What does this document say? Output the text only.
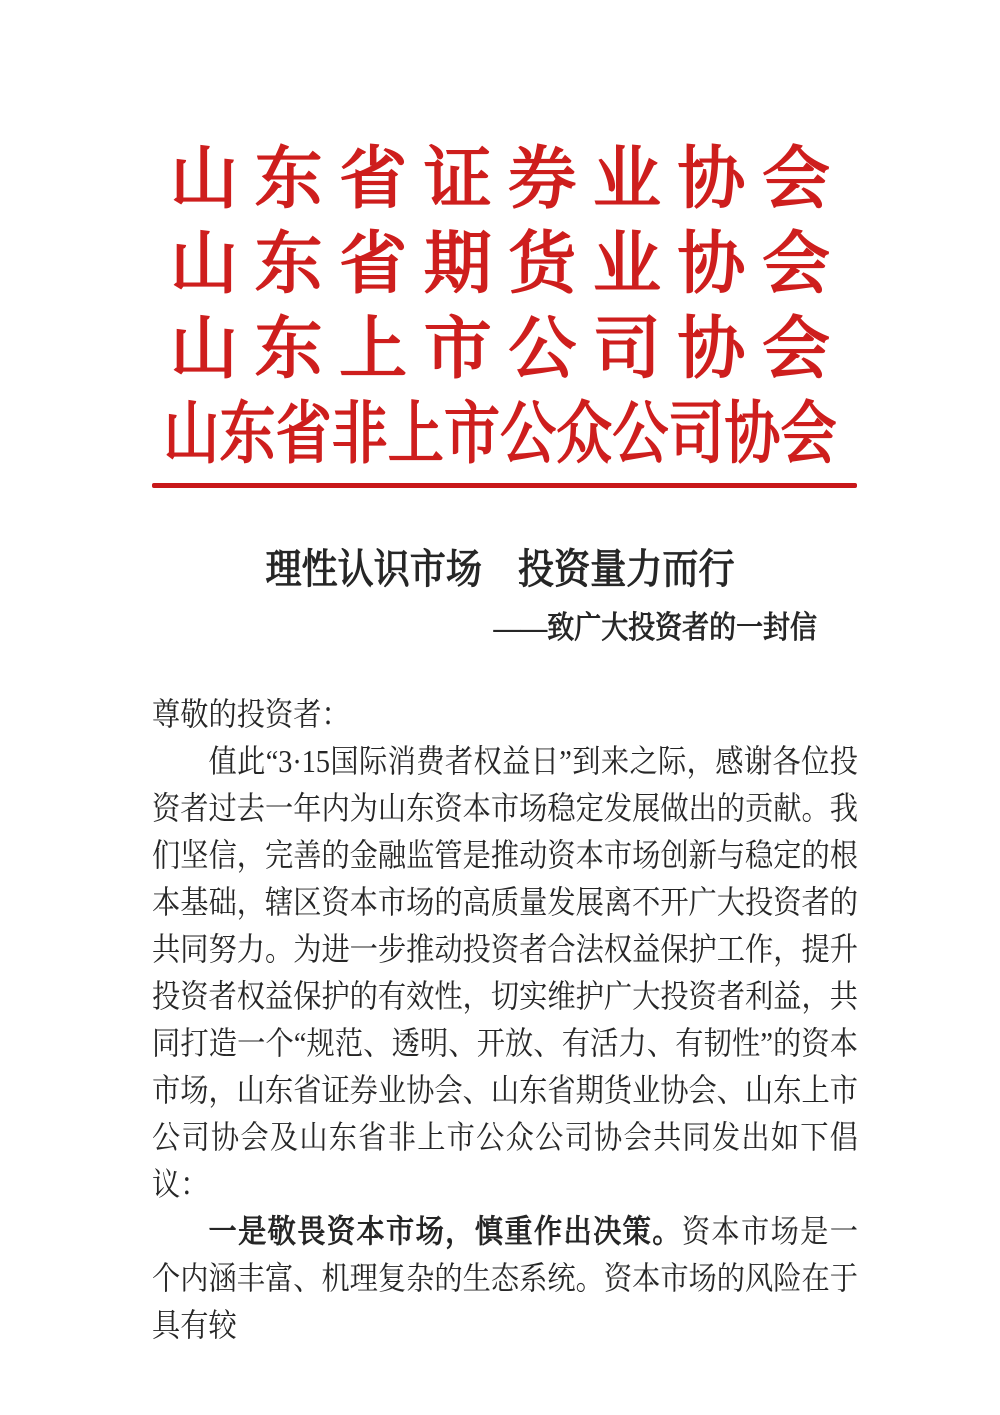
山 东 省 证 券 业 协 会
山 东 省 期 货 业 协 会
山 东 上 市 公 司 协 会
山东省非上市公众公司协会
理性认识市场　投资量力而行
——致广大投资者的一封信

尊敬的投资者：

值此“3·15国际消费者权益日”到来之际，感谢各位投资者过去一年内为山东资本市场稳定发展做出的贡献。我们坚信，完善的金融监管是推动资本市场创新与稳定的根本基础，辖区资本市场的高质量发展离不开广大投资者的共同努力。为进一步推动投资者合法权益保护工作，提升投资者权益保护的有效性，切实维护广大投资者利益，共同打造一个“规范、透明、开放、有活力、有韧性”的资本市场，山东省证券业协会、山东省期货业协会、山东上市公司协会及山东省非上市公众公司协会共同发出如下倡议：

一是敬畏资本市场，慎重作出决策。资本市场是一个内涵丰富、机理复杂的生态系统。资本市场的风险在于具有较
